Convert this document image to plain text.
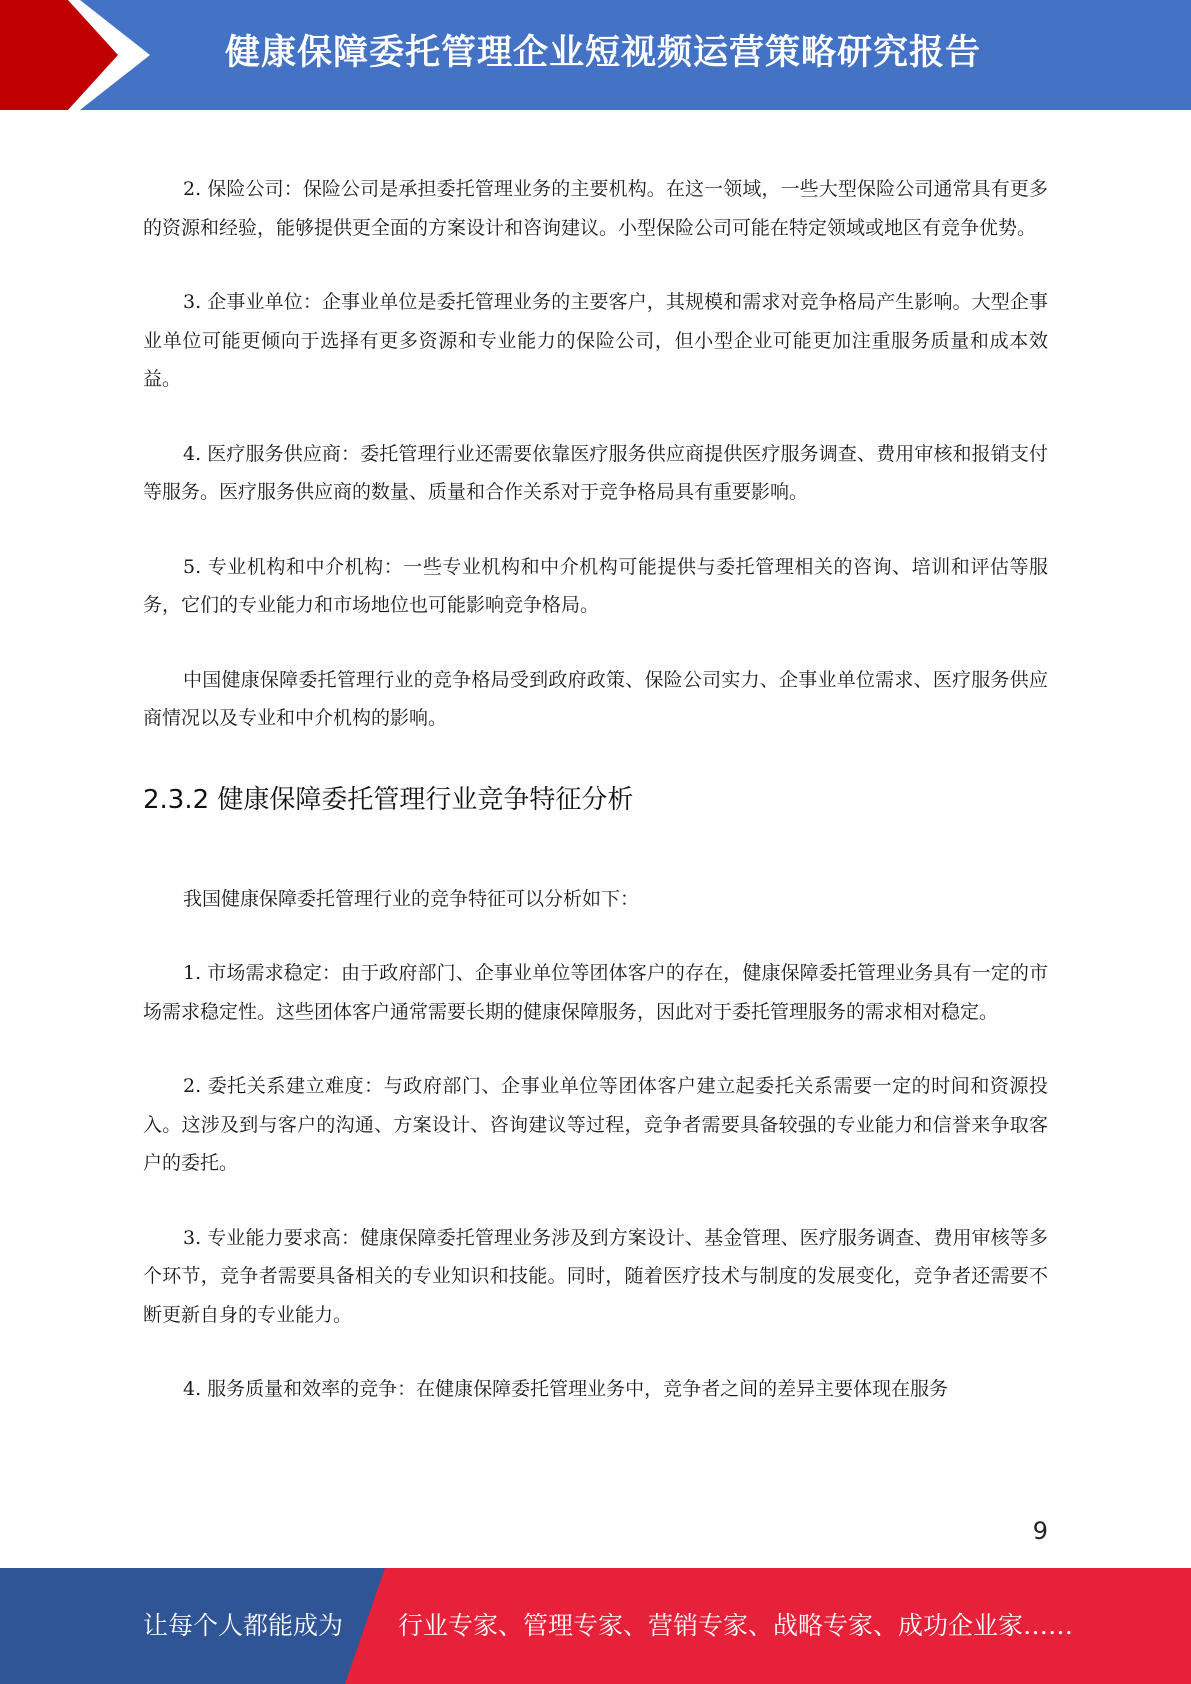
健康保障委托管理企业短视频运营策略研究报告

2. 保险公司：保险公司是承担委托管理业务的主要机构。在这一领域，一些大型保险公司通常具有更多的资源和经验，能够提供更全面的方案设计和咨询建议。小型保险公司可能在特定领域或地区有竞争优势。

3. 企事业单位：企事业单位是委托管理业务的主要客户，其规模和需求对竞争格局产生影响。大型企事业单位可能更倾向于选择有更多资源和专业能力的保险公司，但小型企业可能更加注重服务质量和成本效益。

4. 医疗服务供应商：委托管理行业还需要依靠医疗服务供应商提供医疗服务调查、费用审核和报销支付等服务。医疗服务供应商的数量、质量和合作关系对于竞争格局具有重要影响。

5. 专业机构和中介机构：一些专业机构和中介机构可能提供与委托管理相关的咨询、培训和评估等服务，它们的专业能力和市场地位也可能影响竞争格局。

中国健康保障委托管理行业的竞争格局受到政府政策、保险公司实力、企事业单位需求、医疗服务供应商情况以及专业和中介机构的影响。

2.3.2 健康保障委托管理行业竞争特征分析

我国健康保障委托管理行业的竞争特征可以分析如下：

1. 市场需求稳定：由于政府部门、企事业单位等团体客户的存在，健康保障委托管理业务具有一定的市场需求稳定性。这些团体客户通常需要长期的健康保障服务，因此对于委托管理服务的需求相对稳定。

2. 委托关系建立难度：与政府部门、企事业单位等团体客户建立起委托关系需要一定的时间和资源投入。这涉及到与客户的沟通、方案设计、咨询建议等过程，竞争者需要具备较强的专业能力和信誉来争取客户的委托。

3. 专业能力要求高：健康保障委托管理业务涉及到方案设计、基金管理、医疗服务调查、费用审核等多个环节，竞争者需要具备相关的专业知识和技能。同时，随着医疗技术与制度的发展变化，竞争者还需要不断更新自身的专业能力。

4. 服务质量和效率的竞争：在健康保障委托管理业务中，竞争者之间的差异主要体现在服务

9
让每个人都能成为 行业专家、管理专家、营销专家、战略专家、成功企业家……
